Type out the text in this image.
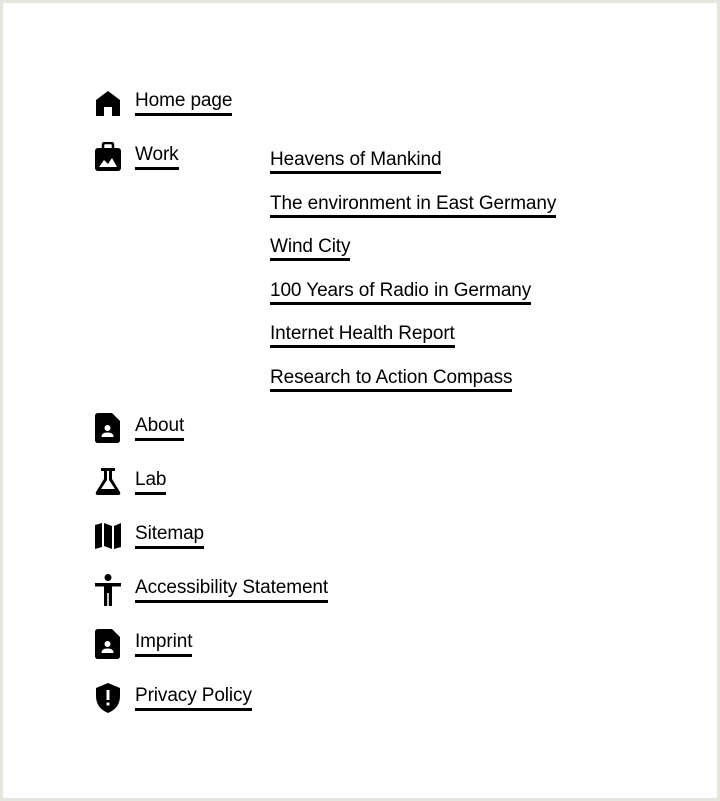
Home page
Work	Heavens of Mankind
The environment in East Germany
Wind City
100 Years of Radio in Germany
Internet Health Report
Research to Action Compass
About
Lab
Sitemap
Accessibility Statement
Imprint
Privacy Policy
